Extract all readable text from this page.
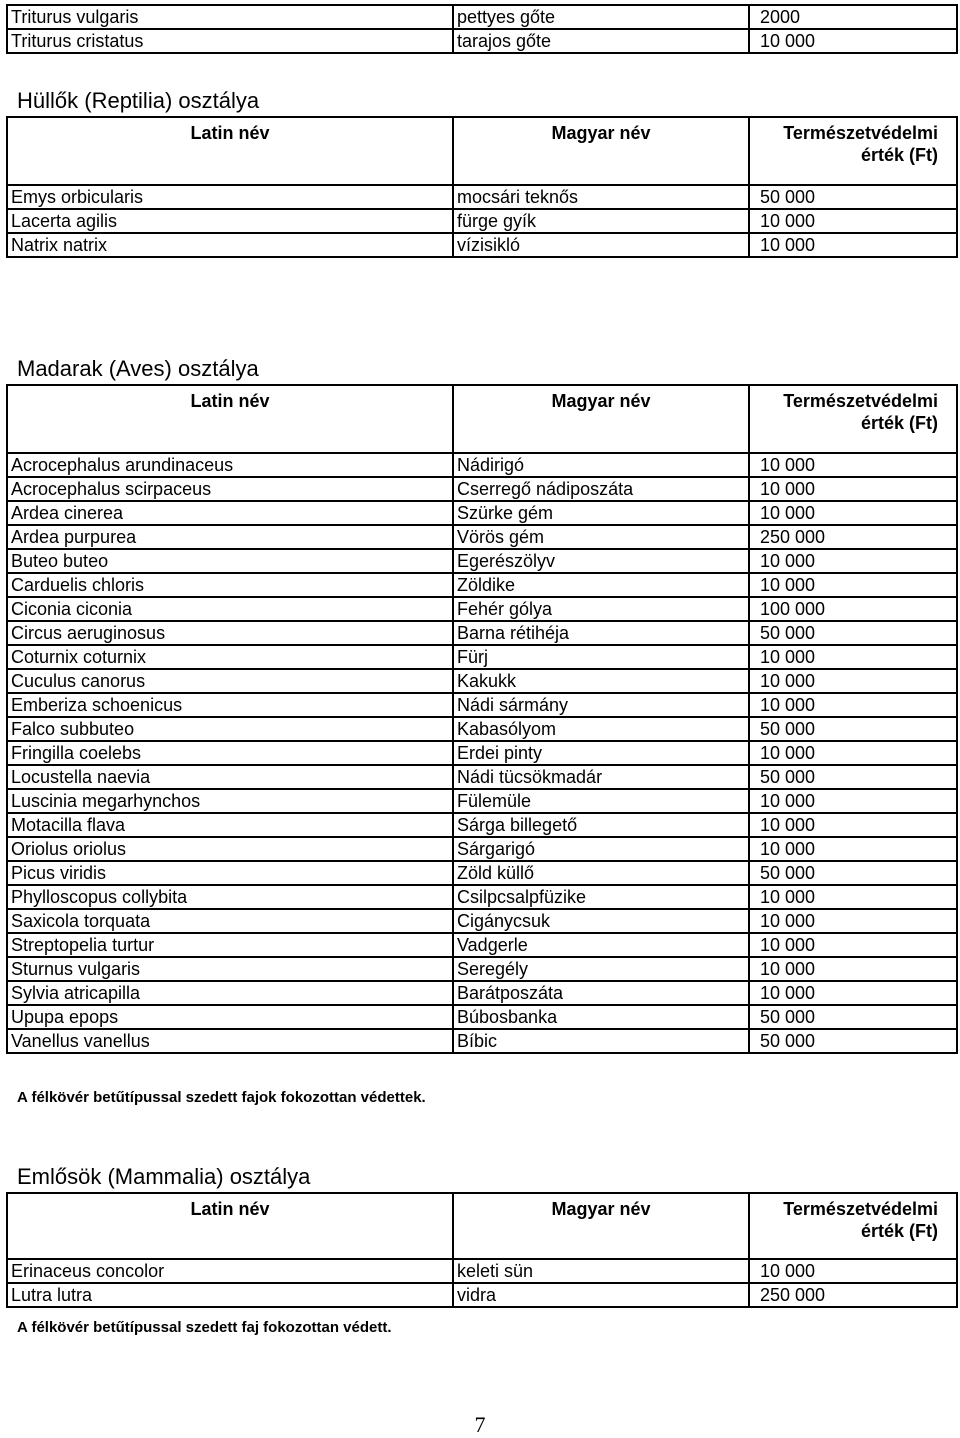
Triturus vulgaris	pettyes gőte	2000
Triturus cristatus	tarajos gőte	10 000
Hüllők (Reptilia) osztálya
Latin név	Magyar név	Természetvédelmi
érték (Ft)

Emys orbicularis	mocsári teknős	50 000
Lacerta agilis	fürge gyík	10 000
Natrix natrix	vízisikló	10 000
Madarak (Aves) osztálya
Latin név	Magyar név	Természetvédelmi
érték (Ft)

Acrocephalus arundinaceus	Nádirigó	10 000
Acrocephalus scirpaceus	Cserregő nádiposzáta	10 000
Ardea cinerea	Szürke gém	10 000
Ardea purpurea	Vörös gém	250 000
Buteo buteo	Egerészölyv	10 000
Carduelis chloris	Zöldike	10 000
Ciconia ciconia	Fehér gólya	100 000
Circus aeruginosus	Barna rétihéja	50 000
Coturnix coturnix	Fürj	10 000
Cuculus canorus	Kakukk	10 000
Emberiza schoenicus	Nádi sármány	10 000
Falco subbuteo	Kabasólyom	50 000
Fringilla coelebs	Erdei pinty	10 000
Locustella naevia	Nádi tücsökmadár	50 000
Luscinia megarhynchos	Fülemüle	10 000
Motacilla flava	Sárga billegető	10 000
Oriolus oriolus	Sárgarigó	10 000
Picus viridis	Zöld küllő	50 000
Phylloscopus collybita	Csilpcsalpfüzike	10 000
Saxicola torquata	Cigánycsuk	10 000
Streptopelia turtur	Vadgerle	10 000
Sturnus vulgaris	Seregély	10 000
Sylvia atricapilla	Barátposzáta	10 000
Upupa epops	Búbosbanka	50 000
Vanellus vanellus	Bíbic	50 000
A félkövér betűtípussal szedett fajok fokozottan védettek.
Emlősök (Mammalia) osztálya
Latin név	Magyar név	Természetvédelmi
érték (Ft)

Erinaceus concolor	keleti sün	10 000
Lutra lutra	vidra	250 000
A félkövér betűtípussal szedett faj fokozottan védett.
7
